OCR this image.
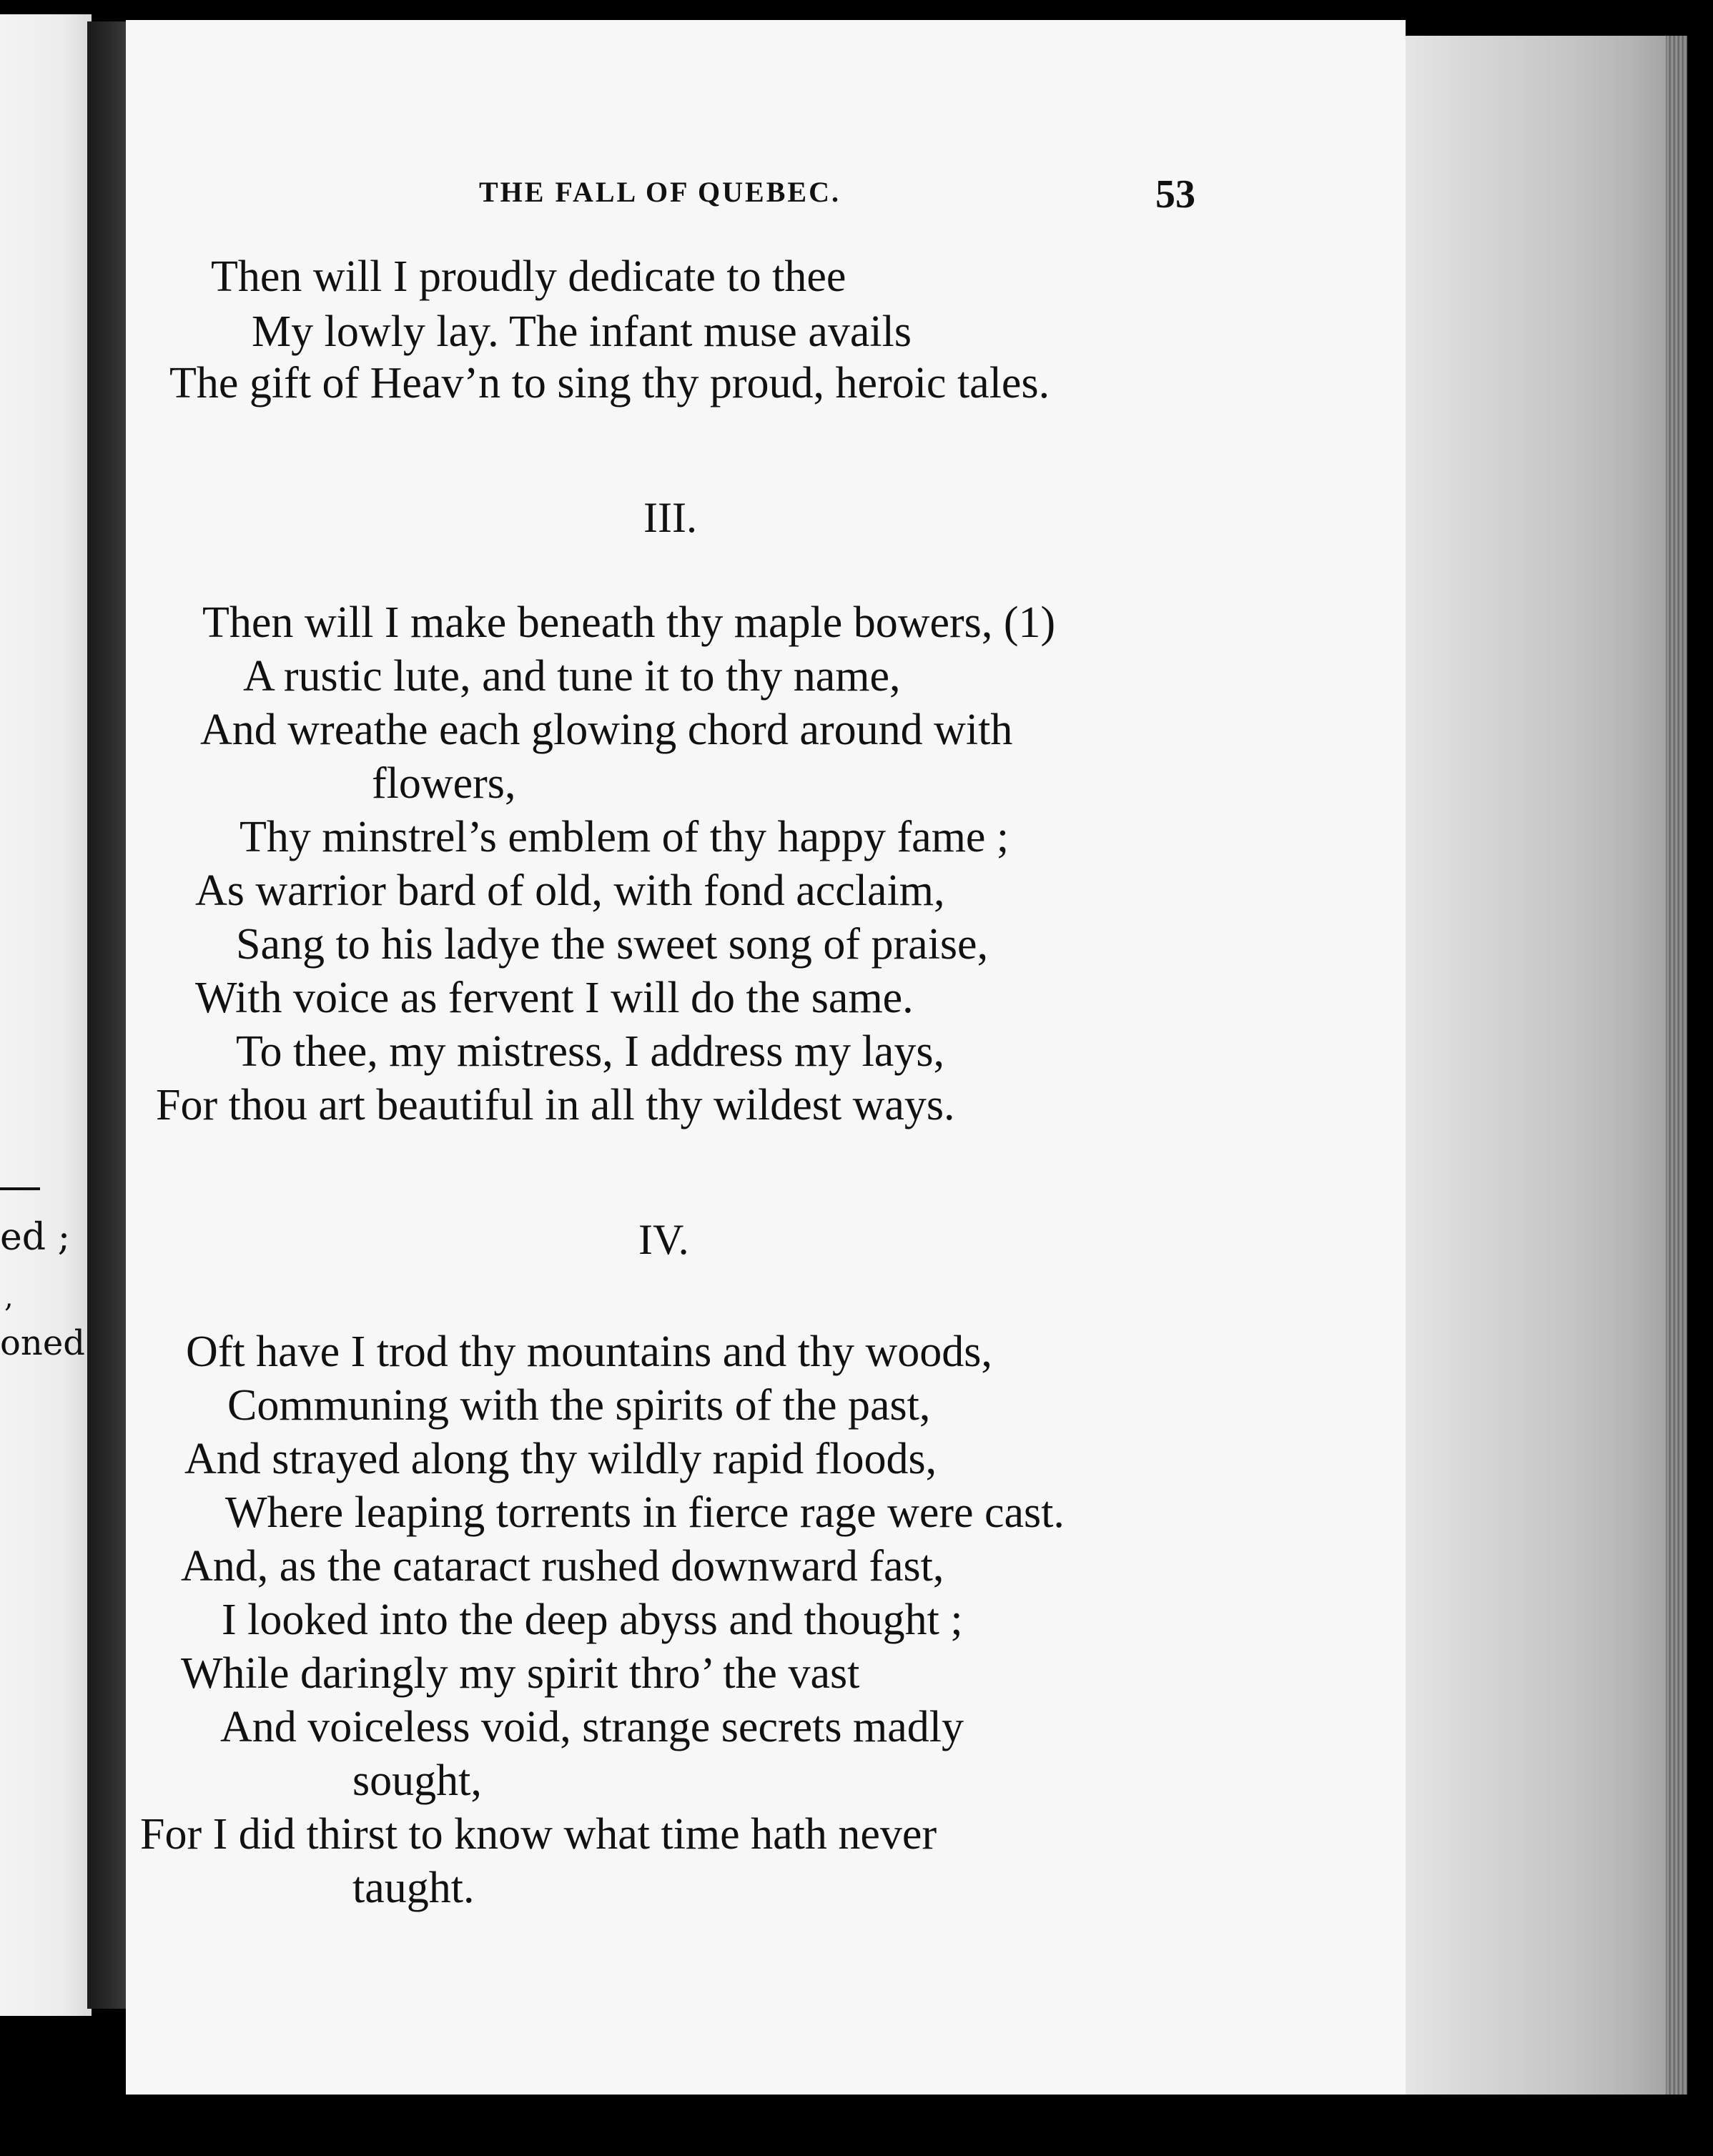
ed ;
,
oned
THE FALL OF QUEBEC.	53
Then will I proudly dedicate to thee
My lowly lay. The infant muse avails
The gift of Heav’n to sing thy proud, heroic tales.
III.
Then will I make beneath thy maple bowers, (1)
A rustic lute, and tune it to thy name,
And wreathe each glowing chord around with
flowers,
Thy minstrel’s emblem of thy happy fame ;
As warrior bard of old, with fond acclaim,
Sang to his ladye the sweet song of praise,
With voice as fervent I will do the same.
To thee, my mistress, I address my lays,
For thou art beautiful in all thy wildest ways.
IV.
Oft have I trod thy mountains and thy woods,
Communing with the spirits of the past,
And strayed along thy wildly rapid floods,
Where leaping torrents in fierce rage were cast.
And, as the cataract rushed downward fast,
I looked into the deep abyss and thought ;
While daringly my spirit thro’ the vast
And voiceless void, strange secrets madly
sought,
For I did thirst to know what time hath never
taught.
